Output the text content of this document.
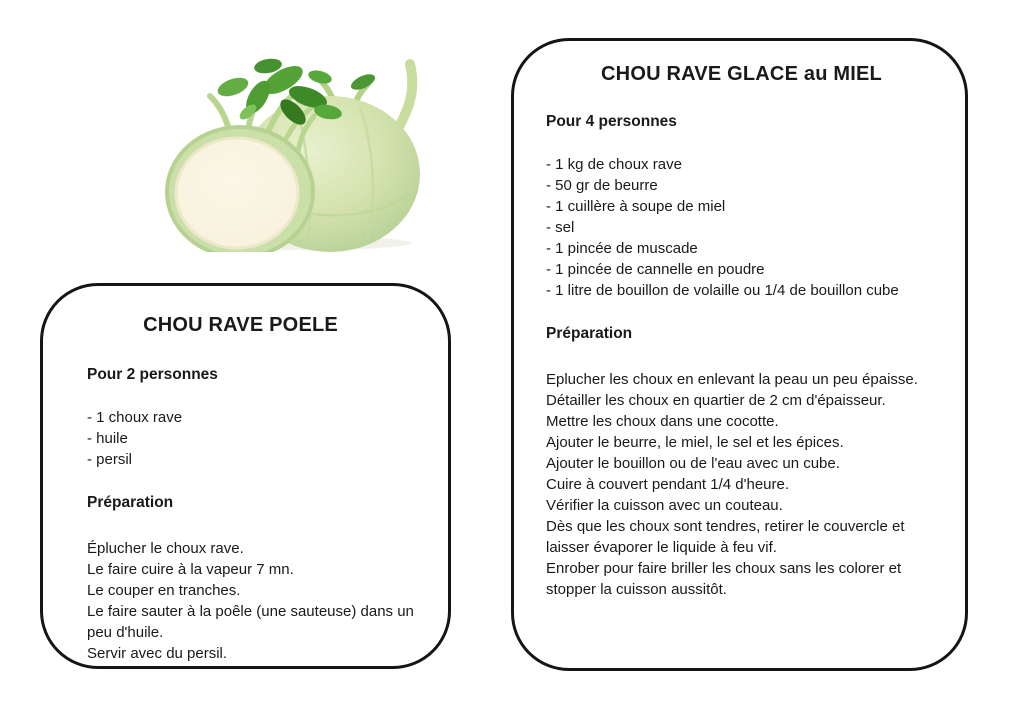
CHOU RAVE POELE
Pour 2 personnes
- 1 choux rave
- huile
- persil
Préparation
Éplucher le choux rave.
Le faire cuire à la vapeur 7 mn.
Le couper en tranches.
Le faire sauter à la poêle (une sauteuse) dans un
peu d'huile.
Servir avec du persil.
CHOU RAVE GLACE au MIEL
Pour 4 personnes
- 1 kg de choux rave
- 50 gr de beurre
- 1 cuillère à soupe de miel
- sel
- 1 pincée de muscade
- 1 pincée de cannelle en poudre
- 1 litre de bouillon de volaille ou 1/4 de bouillon cube
Préparation
Eplucher les choux en enlevant la peau un peu épaisse.
Détailler les choux en quartier de 2 cm d'épaisseur.
Mettre les choux dans une cocotte.
Ajouter le beurre, le miel, le sel et les épices.
Ajouter le bouillon ou de l'eau avec un cube.
Cuire à couvert pendant 1/4 d'heure.
Vérifier la cuisson avec un couteau.
Dès que les choux sont tendres, retirer le couvercle et
laisser évaporer le liquide à feu vif.
Enrober pour faire briller les choux sans les colorer et
stopper la cuisson aussitôt.
